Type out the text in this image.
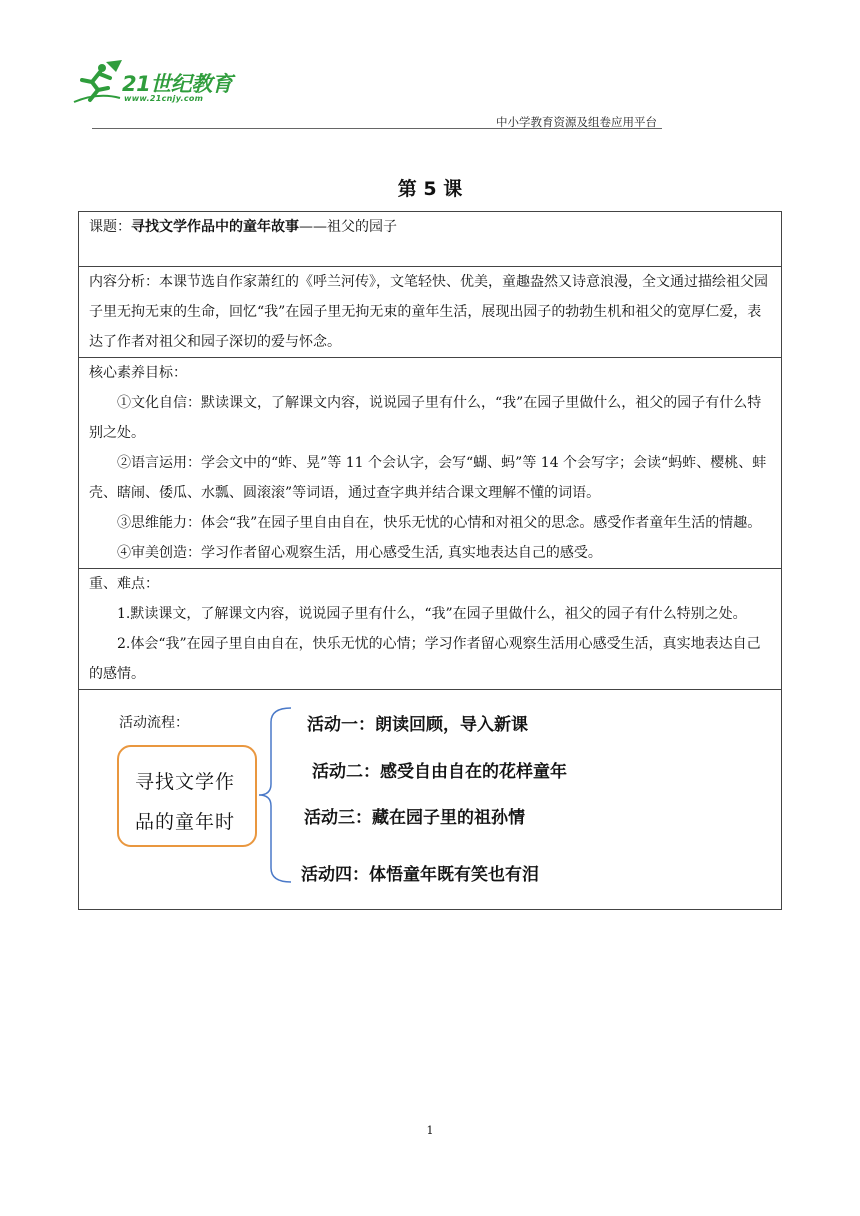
21世纪教育
www.21cnjy.com
中小学教育资源及组卷应用平台
第 5 课
课题：寻找文学作品中的童年故事——祖父的园子

内容分析：本课节选自作家萧红的《呼兰河传》，文笔轻快、优美，童趣盎然又诗意浪漫，全文通过描绘祖父园子里无拘无束的生命，回忆“我”在园子里无拘无束的童年生活，展现出园子的勃勃生机和祖父的宽厚仁爱，表达了作者对祖父和园子深切的爱与怀念。

核心素养目标：

①文化自信：默读课文，了解课文内容，说说园子里有什么，“我”在园子里做什么，祖父的园子有什么特别之处。

②语言运用：学会文中的“蚱、晃”等 11 个会认字，会写“蝴、蚂”等 14 个会写字；会读“蚂蚱、樱桃、蚌壳、瞎闹、倭瓜、水瓢、圆滚滚”等词语，通过查字典并结合课文理解不懂的词语。

③思维能力：体会“我”在园子里自由自在，快乐无忧的心情和对祖父的思念。感受作者童年生活的情趣。

④审美创造：学习作者留心观察生活，用心感受生活, 真实地表达自己的感受。

重、难点：

1.默读课文，了解课文内容，说说园子里有什么，“我”在园子里做什么，祖父的园子有什么特别之处。

2.体会“我”在园子里自由自在，快乐无忧的心情；学习作者留心观察生活用心感受生活，真实地表达自己的感情。

活动流程：
寻找文学作
品的童年时
活动一：朗读回顾，导入新课
活动二：感受自由自在的花样童年
活动三：藏在园子里的祖孙情
活动四：体悟童年既有笑也有泪
1
